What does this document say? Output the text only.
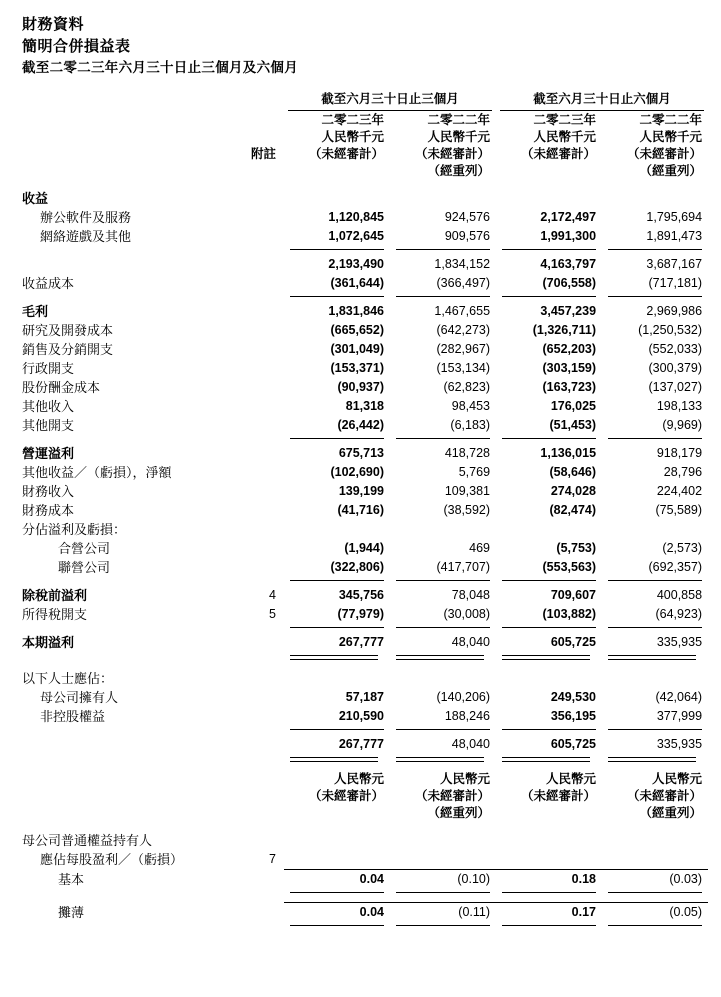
財務資料
簡明合併損益表
截至二零二三年六月三十日止三個月及六個月

		截至六月三十日止三個月		截至六月三十日止六個月	

		二零二三年	二零二二年	二零二三年	二零二二年
		人民幣千元	人民幣千元	人民幣千元	人民幣千元
	附註	（未經審計）	（未經審計）	（未經審計）	（未經審計）
			（經重列）		（經重列）

收益					
辦公軟件及服務		1,120,845	924,576	2,172,497	1,795,694
網絡遊戲及其他		1,072,645	909,576	1,991,300	1,891,473

		2,193,490	1,834,152	4,163,797	3,687,167
收益成本		(361,644)	(366,497)	(706,558)	(717,181)

毛利		1,831,846	1,467,655	3,457,239	2,969,986
研究及開發成本		(665,652)	(642,273)	(1,326,711)	(1,250,532)
銷售及分銷開支		(301,049)	(282,967)	(652,203)	(552,033)
行政開支		(153,371)	(153,134)	(303,159)	(300,379)
股份酬金成本		(90,937)	(62,823)	(163,723)	(137,027)
其他收入		81,318	98,453	176,025	198,133
其他開支		(26,442)	(6,183)	(51,453)	(9,969)

營運溢利		675,713	418,728	1,136,015	918,179
其他收益／（虧損），淨額		(102,690)	5,769	(58,646)	28,796
財務收入		139,199	109,381	274,028	224,402
財務成本		(41,716)	(38,592)	(82,474)	(75,589)
分佔溢利及虧損：					
合營公司		(1,944)	469	(5,753)	(2,573)
聯營公司		(322,806)	(417,707)	(553,563)	(692,357)

除稅前溢利	4	345,756	78,048	709,607	400,858
所得稅開支	5	(77,979)	(30,008)	(103,882)	(64,923)

本期溢利		267,777	48,040	605,725	335,935

以下人士應佔：					
母公司擁有人		57,187	(140,206)	249,530	(42,064)
非控股權益		210,590	188,246	356,195	377,999

		267,777	48,040	605,725	335,935

		人民幣元	人民幣元	人民幣元	人民幣元
		（未經審計）	（未經審計）	（未經審計）	（未經審計）
			（經重列）		（經重列）

母公司普通權益持有人					
應佔每股盈利／（虧損）	7				
基本		0.04	(0.10)	0.18	(0.03)

攤薄		0.04	(0.11)	0.17	(0.05)
